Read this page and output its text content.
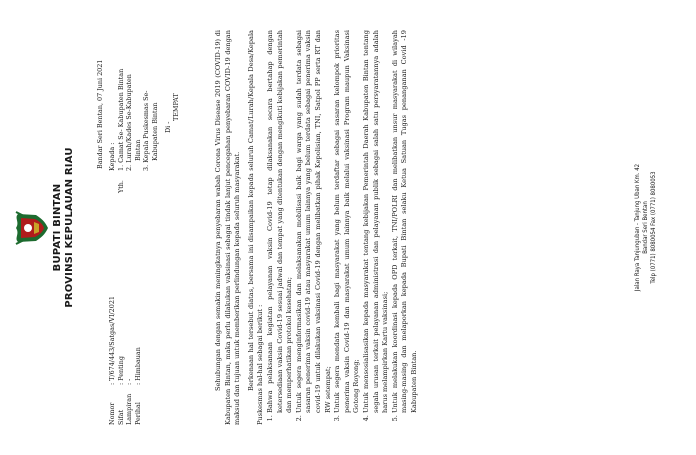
BUPATI BINTAN PROVINSI KEPULAUAN RIAU
Bandar Seri Bentan, 07 Juni 2021
Nomor: T/674/443/Satgas/VI/2021
Sifat: Penting
Lampiran: -
Perihal: Himbauan
Kepada :
Yth.1. Camat Se- Kabupaten Bintan 2. Lurah/Kades Se-Kabupaten Bintan 3. Kepala Puskesmas Se- Kabupaten Bintan Di -
TEMPAT	Sehubungan dengan semakin meningkatnya penyebaran wabah Corona Virus Disease 2019 (COVID-19) di Kabupaten Bintan, maka perlu dilakukan vaksinasi sebagai tindak lanjut pencegahan penyebaran COVID-19 dengan maksud dan tujuan untuk memberikan perlindungan kepada seluruh masyarakat. Berkenaan hal tersebut diatas, bersama ini disampaikan kepada seluruh Camat/Lurah/Kepala Desa/Kepala Puskesmas hal-hal sebagai berikut : 1. Bahwa pelaksanaan kegiatan pelayanan vaksin Covid-19 tetap dilaksanakan secara bertahap dengan ketersediaan vaksin Covid-19 sesuai jadwal dan tempat yang ditentukan dengan mengikuti kebijakan pemerintah dan memperhatikan protokol kesehatan; 2. Untuk segera menginformasikan dan melaksanakan mobilisasi baik bagi warga yang sudah terdata sebagai sasaran penerima vaksin covid-19 atau masyarakat umum lainnya yang belum terdata sebagai penerima vaksin covid-19 untuk dilakukan vaksinasi Covid-19 dengan melibatkan pihak Kepolisian, TNI, Satpol PP serta RT dan RW setempat; 3. Untuk segera mendata kembali bagi masyarakat yang belum terdaftar sebagai sasaran kelompok prioritas penerima vaksin Covid-19 dan masyarakat umum lainnya baik melalui vaksinasi Program maupun Vaksinasi Gotong Royong; 4. Untuk mensosialisasikan kepada masyarakat tentang kebijakan Pemerintah Daerah Kabupaten Bintan tentang segala urusan terkait pelayanan administrasi dan pelayanan publik sebagai salah satu persyaratannya adalah harus melampirkan Kartu vaksinasi; 5. Untuk melakukan koordinasi kepada OPD terkait, TNI/POLRI dan melibatkan unsur masyarakat di wilayah masing-masing dan melaporkan kepada Bupati Bintan selaku Ketua Satuan Tugas penanganan Covid -19 Kabupaten Bintan.
Jalan Raya Tanjunguban - Tanjung Uban Km. 42 Bandar Seri Bentan Telp (0771) 8080054 Fax (0771) 8080053
